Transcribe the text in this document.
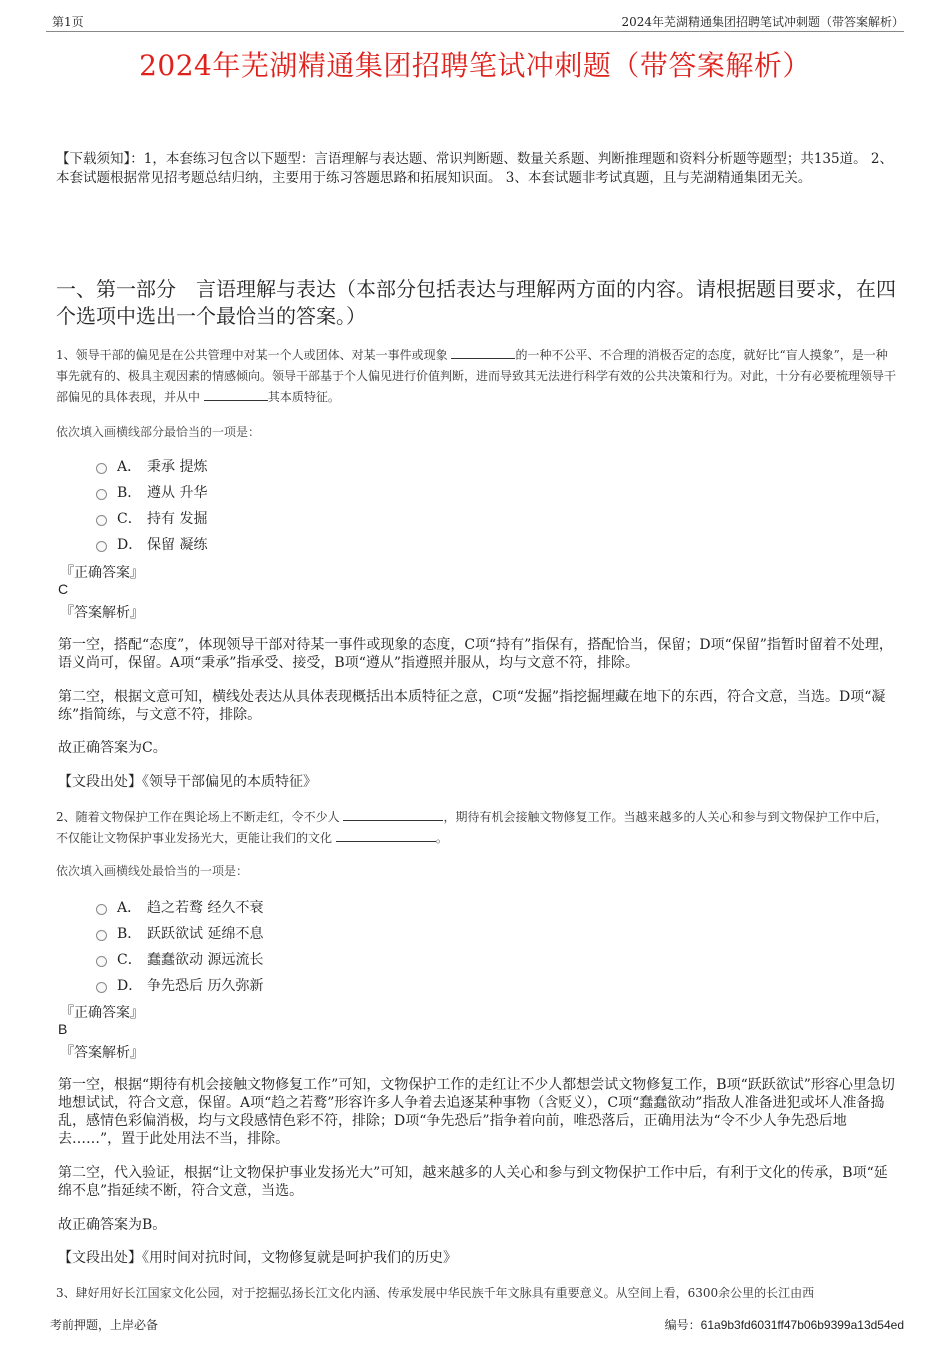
第1页	2024年芜湖精通集团招聘笔试冲刺题（带答案解析）
2024年芜湖精通集团招聘笔试冲刺题（带答案解析）
【下载须知】：1，本套练习包含以下题型：言语理解与表达题、常识判断题、数量关系题、判断推理题和资料分析题等题型；共135道。 2、本套试题根据常见招考题总结归纳，主要用于练习答题思路和拓展知识面。 3、本套试题非考试真题，且与芜湖精通集团无关。
一、第一部分　言语理解与表达（本部分包括表达与理解两方面的内容。请根据题目要求，在四个选项中选出一个最恰当的答案。）
1、领导干部的偏见是在公共管理中对某一个人或团体、对某一事件或现象	的一种不公平、不合理的消极否定的态度，就好比“盲人摸象”，是一种事先就有的、极具主观因素的情感倾向。领导干部基于个人偏见进行价值判断，进而导致其无法进行科学有效的公共决策和行为。对此，十分有必要梳理领导干部偏见的具体表现，并从中	其本质特征。
依次填入画横线部分最恰当的一项是：
A． 秉承 提炼
B． 遵从 升华
C． 持有 发掘
D． 保留 凝练
『正确答案』
C
『答案解析』
第一空，搭配“态度”，体现领导干部对待某一事件或现象的态度，C项“持有”指保有，搭配恰当，保留；D项“保留”指暂时留着不处理，语义尚可，保留。A项“秉承”指承受、接受，B项“遵从”指遵照并服从，均与文意不符，排除。
第二空，根据文意可知，横线处表达从具体表现概括出本质特征之意，C项“发掘”指挖掘埋藏在地下的东西，符合文意，当选。D项“凝练”指简练，与文意不符，排除。
故正确答案为C。
【文段出处】《领导干部偏见的本质特征》
2、随着文物保护工作在舆论场上不断走红，令不少人	，期待有机会接触文物修复工作。当越来越多的人关心和参与到文物保护工作中后，不仅能让文物保护事业发扬光大，更能让我们的文化	。
依次填入画横线处最恰当的一项是：
A． 趋之若鹜 经久不衰
B． 跃跃欲试 延绵不息
C． 蠢蠢欲动 源远流长
D． 争先恐后 历久弥新
『正确答案』
B
『答案解析』
第一空，根据“期待有机会接触文物修复工作”可知，文物保护工作的走红让不少人都想尝试文物修复工作，B项“跃跃欲试”形容心里急切地想试试，符合文意，保留。A项“趋之若鹜”形容许多人争着去追逐某种事物（含贬义），C项“蠢蠢欲动”指敌人准备进犯或坏人准备捣乱，感情色彩偏消极，均与文段感情色彩不符，排除；D项“争先恐后”指争着向前，唯恐落后，正确用法为“令不少人争先恐后地去……”，置于此处用法不当，排除。
第二空，代入验证，根据“让文物保护事业发扬光大”可知，越来越多的人关心和参与到文物保护工作中后，有利于文化的传承，B项“延绵不息”指延续不断，符合文意，当选。
故正确答案为B。
【文段出处】《用时间对抗时间，文物修复就是呵护我们的历史》
3、肆好用好长江国家文化公园，对于挖掘弘扬长江文化内涵、传承发展中华民族千年文脉具有重要意义。从空间上看，6300余公里的长江由西
考前押题，上岸必备	编号：61a9b3fd6031ff47b06b9399a13d54ed
